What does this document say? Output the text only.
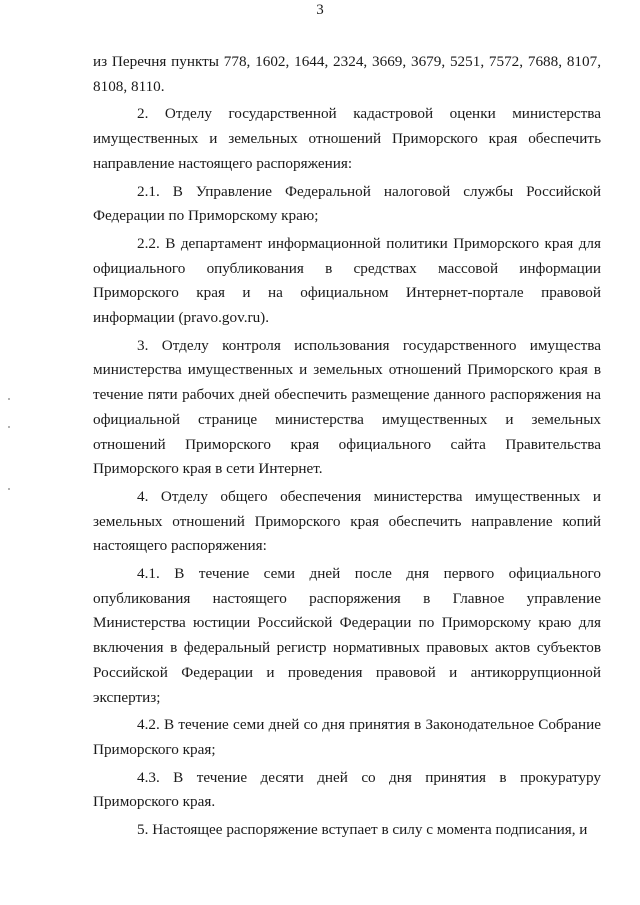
3

из Перечня пункты 778, 1602, 1644, 2324, 3669, 3679, 5251, 7572, 7688, 8107, 8108, 8110.

2. Отделу государственной кадастровой оценки министерства имущественных и земельных отношений Приморского края обеспечить направление настоящего распоряжения:

2.1. В Управление Федеральной налоговой службы Российской Федерации по Приморскому краю;

2.2. В департамент информационной политики Приморского края для официального опубликования в средствах массовой информации Приморского края и на официальном Интернет-портале правовой информации (pravo.gov.ru).

3. Отделу контроля использования государственного имущества министерства имущественных и земельных отношений Приморского края в течение пяти рабочих дней обеспечить размещение данного распоряжения на официальной странице министерства имущественных и земельных отношений Приморского края официального сайта Правительства Приморского края в сети Интернет.

4. Отделу общего обеспечения министерства имущественных и земельных отношений Приморского края обеспечить направление копий настоящего распоряжения:

4.1. В течение семи дней после дня первого официального опубликования настоящего распоряжения в Главное управление Министерства юстиции Российской Федерации по Приморскому краю для включения в федеральный регистр нормативных правовых актов субъектов Российской Федерации и проведения правовой и антикоррупционной экспертиз;

4.2. В течение семи дней со дня принятия в Законодательное Собрание Приморского края;

4.3. В течение десяти дней со дня принятия в прокуратуру Приморского края.

5. Настоящее распоряжение вступает в силу с момента подписания, и
